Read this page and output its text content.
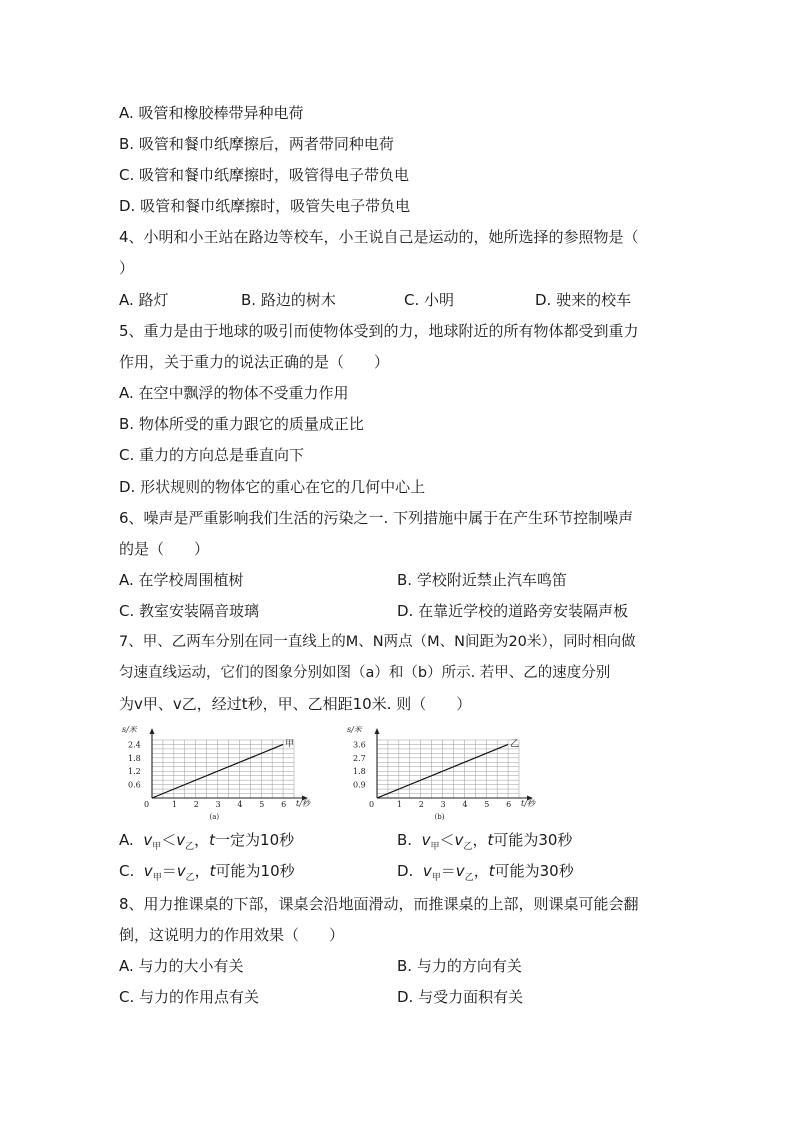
A. 吸管和橡胶棒带异种电荷
B. 吸管和餐巾纸摩擦后，两者带同种电荷
C. 吸管和餐巾纸摩擦时，吸管得电子带负电
D. 吸管和餐巾纸摩擦时，吸管失电子带负电
4、小明和小王站在路边等校车，小王说自己是运动的，她所选择的参照物是（
）
A. 路灯	B. 路边的树木	C. 小明	D. 驶来的校车
5、重力是由于地球的吸引而使物体受到的力，地球附近的所有物体都受到重力
作用，关于重力的说法正确的是（　　）
A. 在空中飘浮的物体不受重力作用
B. 物体所受的重力跟它的质量成正比
C. 重力的方向总是垂直向下
D. 形状规则的物体它的重心在它的几何中心上
6、噪声是严重影响我们生活的污染之一. 下列措施中属于在产生环节控制噪声
的是（　　）
A. 在学校周围植树	B. 学校附近禁止汽车鸣笛
C. 教室安装隔音玻璃	D. 在靠近学校的道路旁安装隔声板
7、甲、乙两车分别在同一直线上的M、N两点（M、N间距为20米），同时相向做
匀速直线运动，它们的图象分别如图（a）和（b）所示. 若甲、乙的速度分别
为v甲、v乙，经过t秒，甲、乙相距10米. 则（　　）
s/米
t/秒
0	1 2 3 4 5 6
0.6
1.2
1.8
2.4
(a)
甲
s/米
t/秒
0	1 2 3 4 5 6
0.9
1.8
2.7
3.6
(b)
乙
A. $v_甲<v_乙$，t一定为10秒	B. $v_甲<v_乙$，t可能为30秒
C. $v_甲=v_乙$，t可能为10秒	D. $v_甲=v_乙$，t可能为30秒
8、用力推课桌的下部，课桌会沿地面滑动，而推课桌的上部，则课桌可能会翻
倒，这说明力的作用效果（　　）
A. 与力的大小有关	B. 与力的方向有关
C. 与力的作用点有关	D. 与受力面积有关
